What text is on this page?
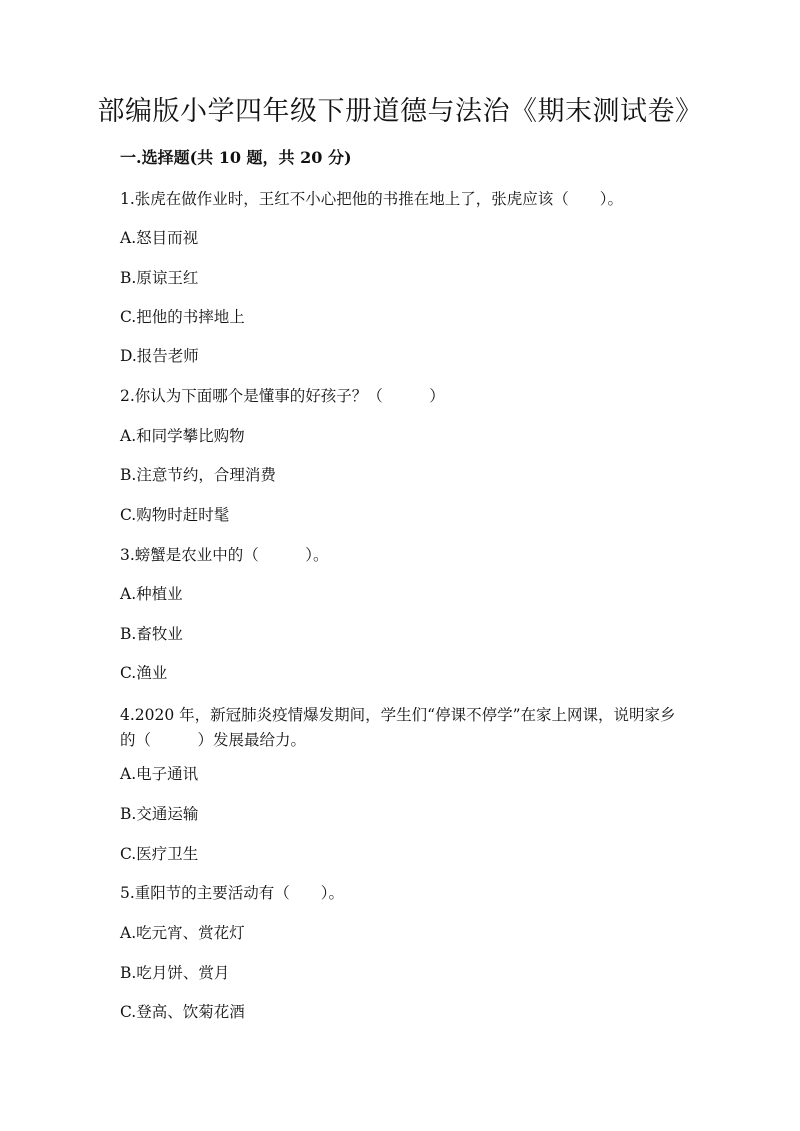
部编版小学四年级下册道德与法治《期末测试卷》
一.选择题(共 10 题，共 20 分)
1.张虎在做作业时，王红不小心把他的书推在地上了，张虎应该（　　）。
A.怒目而视
B.原谅王红
C.把他的书摔地上
D.报告老师
2.你认为下面哪个是懂事的好孩子？（　　　）
A.和同学攀比购物
B.注意节约，合理消费
C.购物时赶时髦
3.螃蟹是农业中的（　　　）。
A.种植业
B.畜牧业
C.渔业
4.2020 年，新冠肺炎疫情爆发期间，学生们“停课不停学”在家上网课，说明家乡的（　　　）发展最给力。
A.电子通讯
B.交通运输
C.医疗卫生
5.重阳节的主要活动有（　　）。
A.吃元宵、赏花灯
B.吃月饼、赏月
C.登高、饮菊花酒
